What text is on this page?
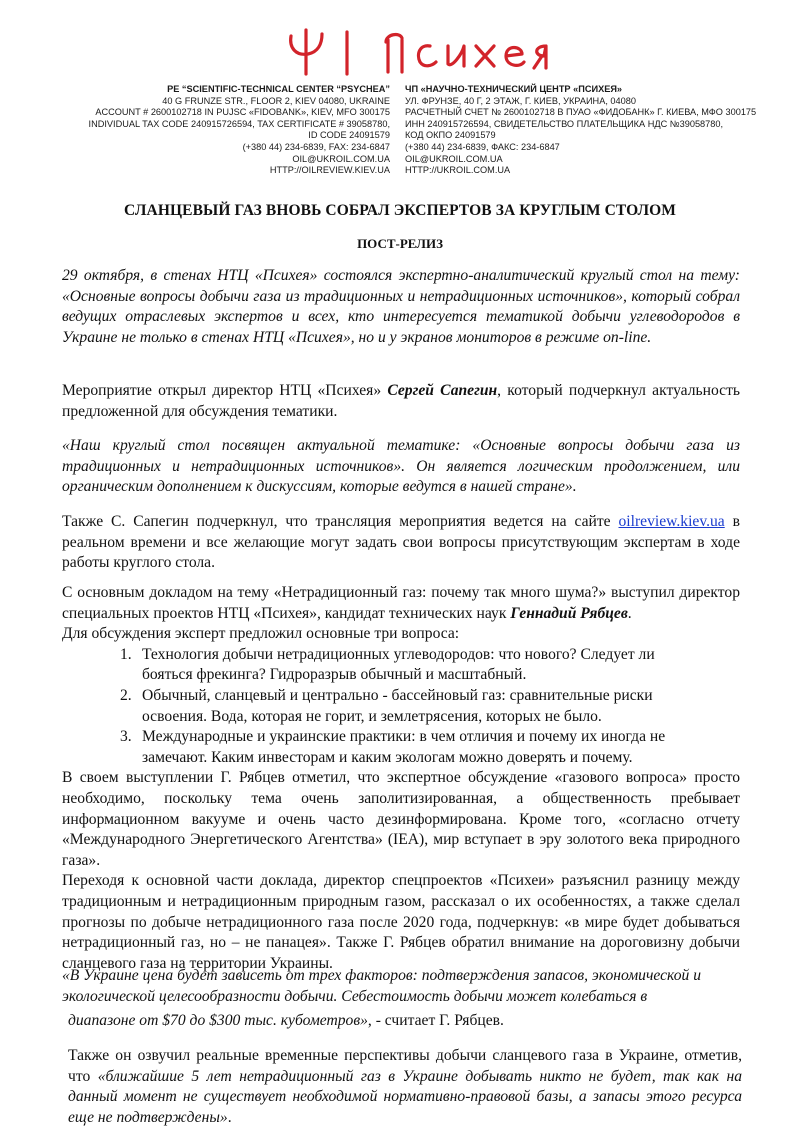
PE “SCIENTIFIC-TECHNICAL CENTER “PSYCHEA”
40 G FRUNZE STR., FLOOR 2, KIEV 04080, UKRAINE
ACCOUNT # 2600102718 IN PUJSC «FIDOBANK», KIEV, MFO 300175
INDIVIDUAL TAX CODE 240915726594, TAX CERTIFICATE # 39058780,
ID CODE 24091579
(+380 44) 234-6839, FAX: 234-6847
OIL@UKROIL.COM.UA
HTTP://OILREVIEW.KIEV.UA
ЧП «НАУЧНО-ТЕХНИЧЕСКИЙ ЦЕНТР «ПСИХЕЯ»
УЛ. ФРУНЗЕ, 40 Г, 2 ЭТАЖ, Г. КИЕВ, УКРАИНА, 04080
РАСЧЕТНЫЙ СЧЕТ № 2600102718 В ПУАО «ФИДОБАНК» Г. КИЕВА, МФО 300175
ИНН 240915726594, СВИДЕТЕЛЬСТВО ПЛАТЕЛЬЩИКА НДС №39058780,
КОД ОКПО 24091579
(+380 44) 234-6839, ФАКС: 234-6847
OIL@UKROIL.COM.UA
HTTP://UKROIL.COM.UA
СЛАНЦЕВЫЙ ГАЗ ВНОВЬ СОБРАЛ ЭКСПЕРТОВ ЗА КРУГЛЫМ СТОЛОМ
ПОСТ-РЕЛИЗ

29 октября, в стенах НТЦ «Психея» состоялся экспертно-аналитический круглый стол на тему: «Основные вопросы добычи газа из традиционных и нетрадиционных источников», который собрал ведущих отраслевых экспертов и всех, кто интересуется тематикой добычи углеводородов в Украине не только в стенах НТЦ «Психея», но и у экранов мониторов в режиме on-line.

Мероприятие открыл директор НТЦ «Психея» Сергей Сапегин, который подчеркнул актуальность предложенной для обсуждения тематики.

«Наш круглый стол посвящен актуальной тематике: «Основные вопросы добычи газа из традиционных и нетрадиционных источников». Он является логическим продолжением, или органическим дополнением к дискуссиям, которые ведутся в нашей стране».

Также С. Сапегин подчеркнул, что трансляция мероприятия ведется на сайте oilreview.kiev.ua в реальном времени и все желающие могут задать свои вопросы присутствующим экспертам в ходе работы круглого стола.

С основным докладом на тему «Нетрадиционный газ: почему так много шума?» выступил директор специальных проектов НТЦ «Психея», кандидат технических наук Геннадий Рябцев.

Для обсуждения эксперт предложил основные три вопроса:

1. Технология добычи нетрадиционных углеводородов: что нового? Следует ли бояться фрекинга? Гидроразрыв обычный и масштабный.
2. Обычный, сланцевый и центрально - бассейновый газ: сравнительные риски освоения. Вода, которая не горит, и землетрясения, которых не было.
3. Международные и украинские практики: в чем отличия и почему их иногда не замечают. Каким инвесторам и каким экологам можно доверять и почему.

В своем выступлении Г. Рябцев отметил, что экспертное обсуждение «газового вопроса» просто необходимо, поскольку тема очень заполитизированная, а общественность пребывает информационном вакууме и очень часто дезинформирована. Кроме того, «согласно отчету «Международного Энергетического Агентства» (IEA), мир вступает в эру золотого века природного газа».

Переходя к основной части доклада, директор спецпроектов «Психеи» разъяснил разницу между традиционным и нетрадиционным природным газом, рассказал о их особенностях, а также сделал прогнозы по добыче нетрадиционного газа после 2020 года, подчеркнув: «в мире будет добываться нетрадиционный газ, но – не панацея». Также Г. Рябцев обратил внимание на дороговизну добычи сланцевого газа на территории Украины.

«В Украине цена будет зависеть от трех факторов: подтверждения запасов, экономической и экологической целесообразности добычи. Себестоимость добычи может колебаться в

диапазоне от $70 до $300 тыс. кубометров», - считает Г. Рябцев.

Также он озвучил реальные временные перспективы добычи сланцевого газа в Украине, отметив, что «ближайшие 5 лет нетрадиционный газ в Украине добывать никто не будет, так как на данный момент не существует необходимой нормативно-правовой базы, а запасы этого ресурса еще не подтверждены».
